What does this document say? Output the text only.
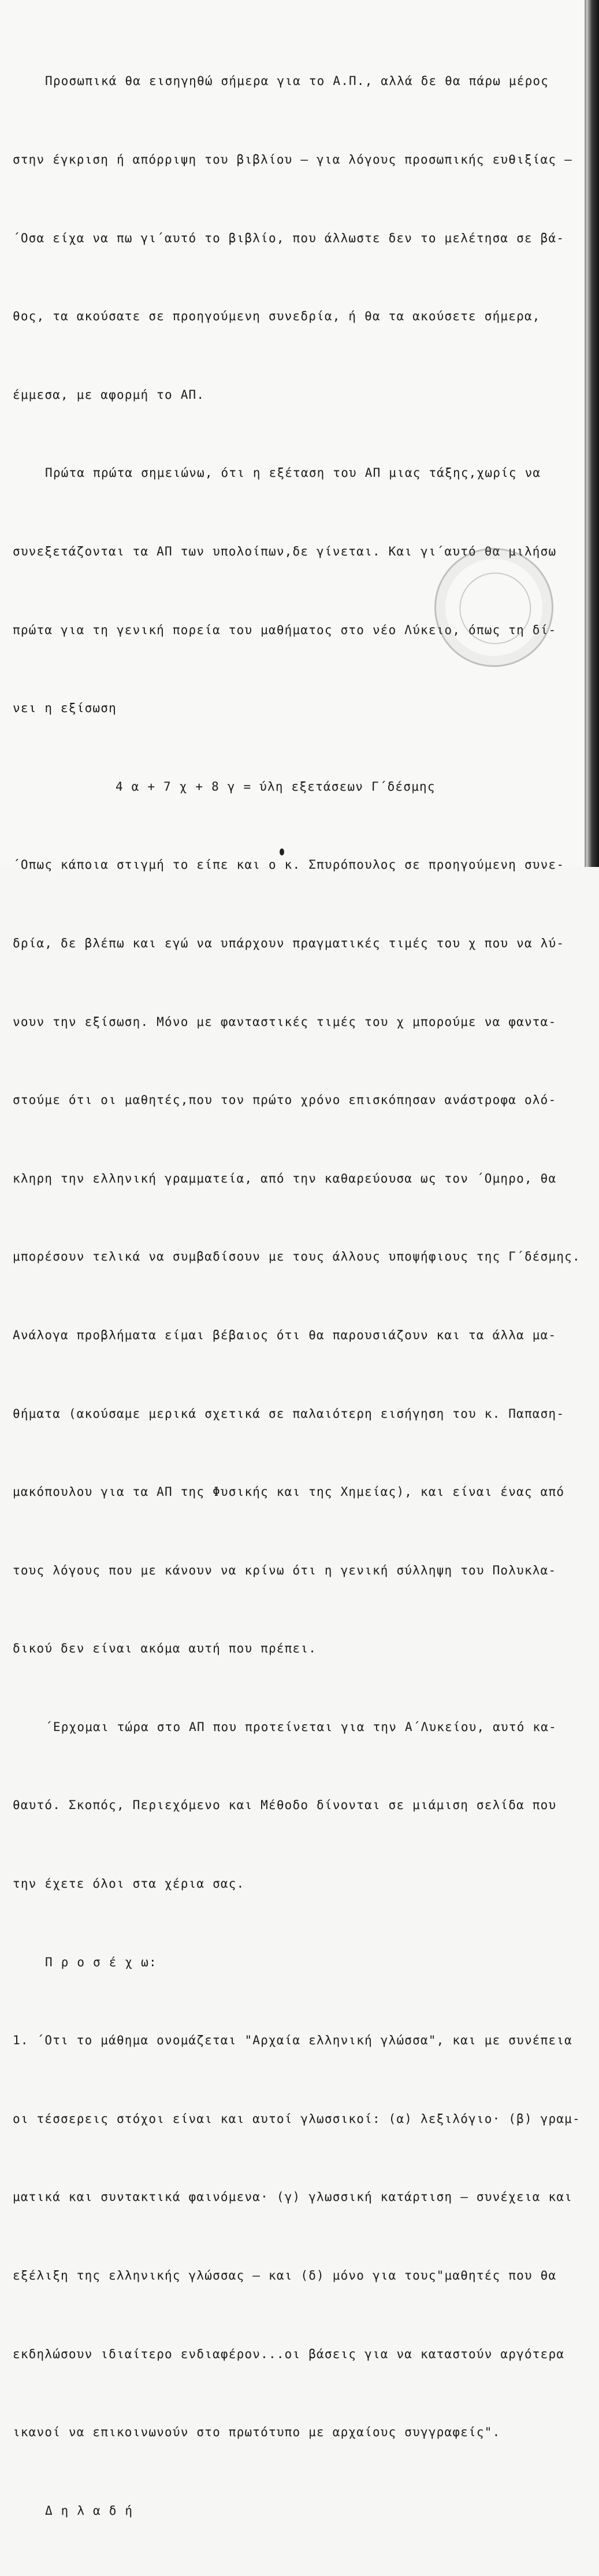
Προσωπικά θα εισηγηθώ σήμερα για το Α.Π., αλλά δε θα πάρω μέρος

στην έγκριση ή απόρριψη του βιβλίου — για λόγους προσωπικής ευθιξίας —

΄Οσα είχα να πω γι΄αυτό το βιβλίο, που άλλωστε δεν το μελέτησα σε βά-

θος, τα ακούσατε σε προηγούμενη συνεδρία, ή θα τα ακούσετε σήμερα,

έμμεσα, με αφορμή το ΑΠ.

Πρώτα πρώτα σημειώνω, ότι η εξέταση του ΑΠ μιας τάξης,χωρίς να

συνεξετάζονται τα ΑΠ των υπολοίπων,δε γίνεται. Και γι΄αυτό θα μιλήσω

πρώτα για τη γενική πορεία του μαθήματος στο νέο Λύκειο, όπως τη δί-

νει η εξίσωση

4 α + 7 χ + 8 γ = ύλη εξετάσεων Γ΄δέσμης

΄Οπως κάποια στιγμή το είπε και ο κ. Σπυρόπουλος σε προηγούμενη συνε-

δρία, δε βλέπω και εγώ να υπάρχουν πραγματικές τιμές του χ που να λύ-

νουν την εξίσωση. Μόνο με φανταστικές τιμές του χ μπορούμε να φαντα-

στούμε ότι οι μαθητές,που τον πρώτο χρόνο επισκόπησαν ανάστροφα ολό-

κληρη την ελληνική γραμματεία, από την καθαρεύουσα ως τον ΄Ομηρο, θα

μπορέσουν τελικά να συμβαδίσουν με τους άλλους υποψήφιους της Γ΄δέσμης.

Ανάλογα προβλήματα είμαι βέβαιος ότι θα παρουσιάζουν και τα άλλα μα-

θήματα (ακούσαμε μερικά σχετικά σε παλαιότερη εισήγηση του κ. Παπαση-

μακόπουλου για τα ΑΠ της Φυσικής και της Χημείας), και είναι ένας από

τους λόγους που με κάνουν να κρίνω ότι η γενική σύλληψη του Πολυκλα-

δικού δεν είναι ακόμα αυτή που πρέπει.

΄Ερχομαι τώρα στο ΑΠ που προτείνεται για την Α΄Λυκείου, αυτό κα-

θαυτό. Σκοπός, Περιεχόμενο και Μέθοδο δίνονται σε μιάμιση σελίδα που

την έχετε όλοι στα χέρια σας.

Π ρ ο σ έ χ ω:

1. ΄Οτι το μάθημα ονομάζεται "Αρχαία ελληνική γλώσσα", και με συνέπεια

οι τέσσερεις στόχοι είναι και αυτοί γλωσσικοί: (α) λεξιλόγιο· (β) γραμ-

ματικά και συντακτικά φαινόμενα· (γ) γλωσσική κατάρτιση — συνέχεια και

εξέλιξη της ελληνικής γλώσσας — και (δ) μόνο για τους"μαθητές που θα

εκδηλώσουν ιδιαίτερο ενδιαφέρον...οι βάσεις για να καταστούν αργότερα

ικανοί να επικοινωνούν στο πρωτότυπο με αρχαίους συγγραφείς".

Δ η λ α δ ή
